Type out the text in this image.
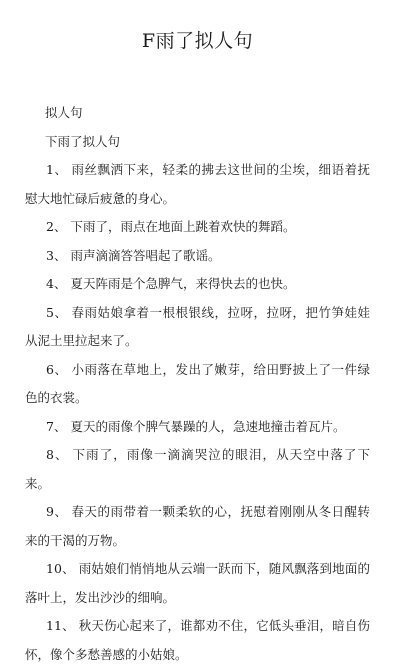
F雨了拟人句
拟人句
下雨了拟人句

1、 雨丝飘洒下来，轻柔的拂去这世间的尘埃，细语着抚慰大地忙碌后疲惫的身心。

2、 下雨了，雨点在地面上跳着欢快的舞蹈。

3、 雨声滴滴答答唱起了歌谣。

4、 夏天阵雨是个急脾气，来得快去的也快。

5、 春雨姑娘拿着一根根银线，拉呀，拉呀，把竹笋娃娃从泥土里拉起来了。

6、 小雨落在草地上，发出了嫩芽，给田野披上了一件绿色的衣裳。

7、 夏天的雨像个脾气暴躁的人，急速地撞击着瓦片。

8、 下雨了，雨像一滴滴哭泣的眼泪，从天空中落了下来。

9、 春天的雨带着一颗柔软的心，抚慰着刚刚从冬日醒转来的干渴的万物。

10、 雨姑娘们悄悄地从云端一跃而下，随风飘落到地面的落叶上，发出沙沙的细响。

11、 秋天伤心起来了，谁都劝不住，它低头垂泪，暗自伤怀，像个多愁善感的小姑娘。
